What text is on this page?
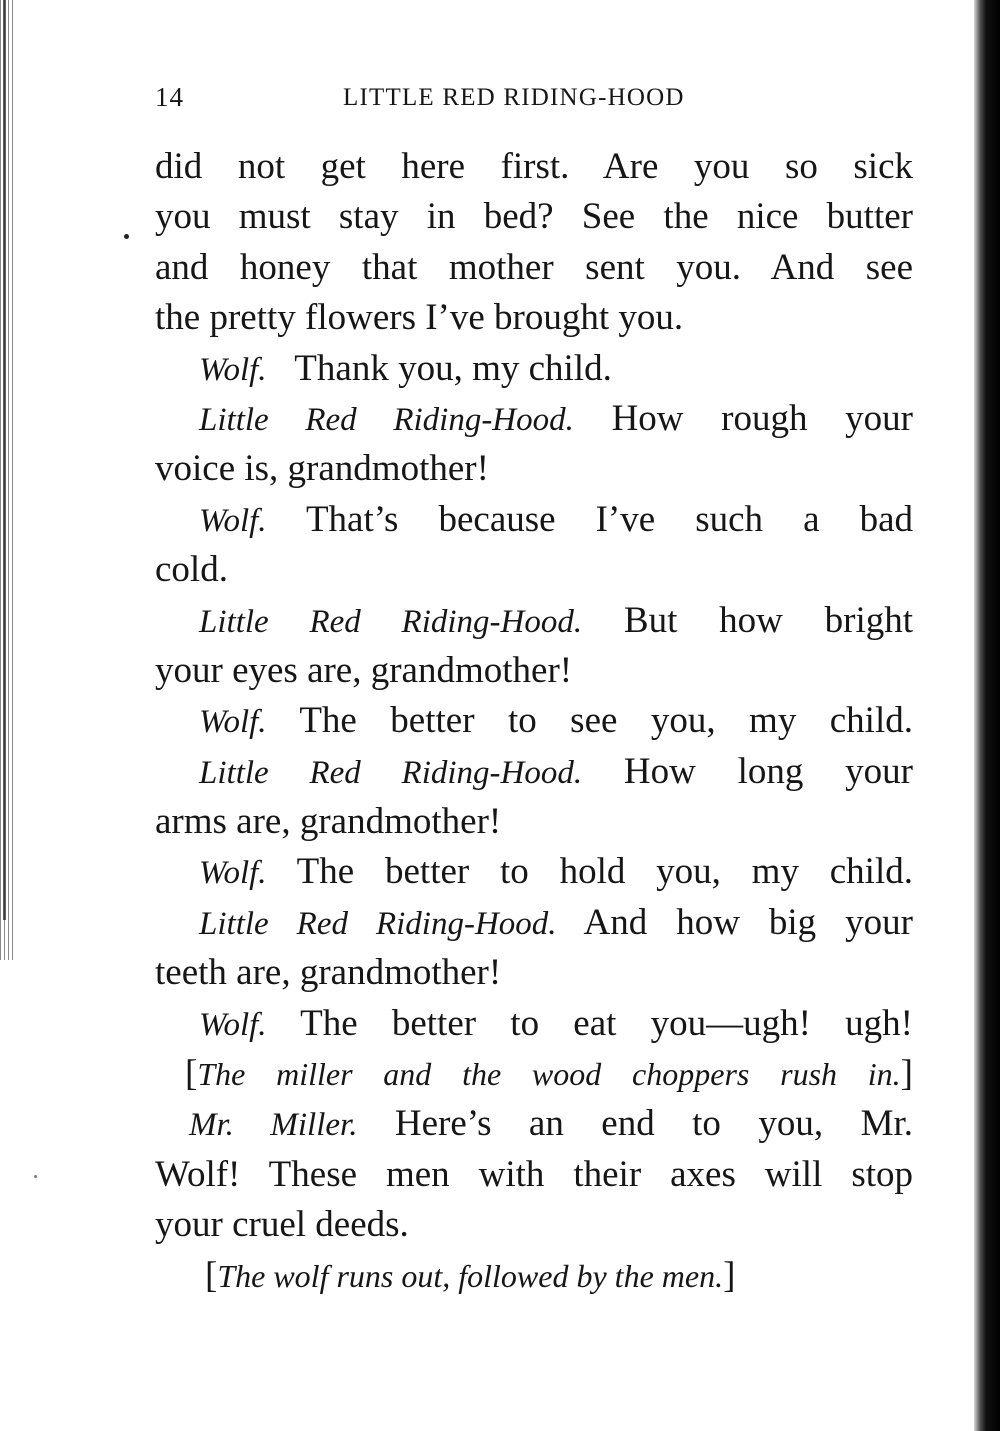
14	LITTLE RED RIDING-HOOD
did not get here first. Are you so sick
you must stay in bed? See the nice butter
and honey that mother sent you. And see
the pretty flowers I’ve brought you.
Wolf. Thank you, my child.
Little Red Riding-Hood. How rough your
voice is, grandmother!
Wolf. That’s because I’ve such a bad
cold.
Little Red Riding-Hood. But how bright
your eyes are, grandmother!
Wolf. The better to see you, my child.
Little Red Riding-Hood. How long your
arms are, grandmother!
Wolf. The better to hold you, my child.
Little Red Riding-Hood. And how big your
teeth are, grandmother!
Wolf. The better to eat you—ugh! ugh!
[The miller and the wood choppers rush in.]
Mr. Miller. Here’s an end to you, Mr.
Wolf! These men with their axes will stop
your cruel deeds.
[The wolf runs out, followed by the men.]
